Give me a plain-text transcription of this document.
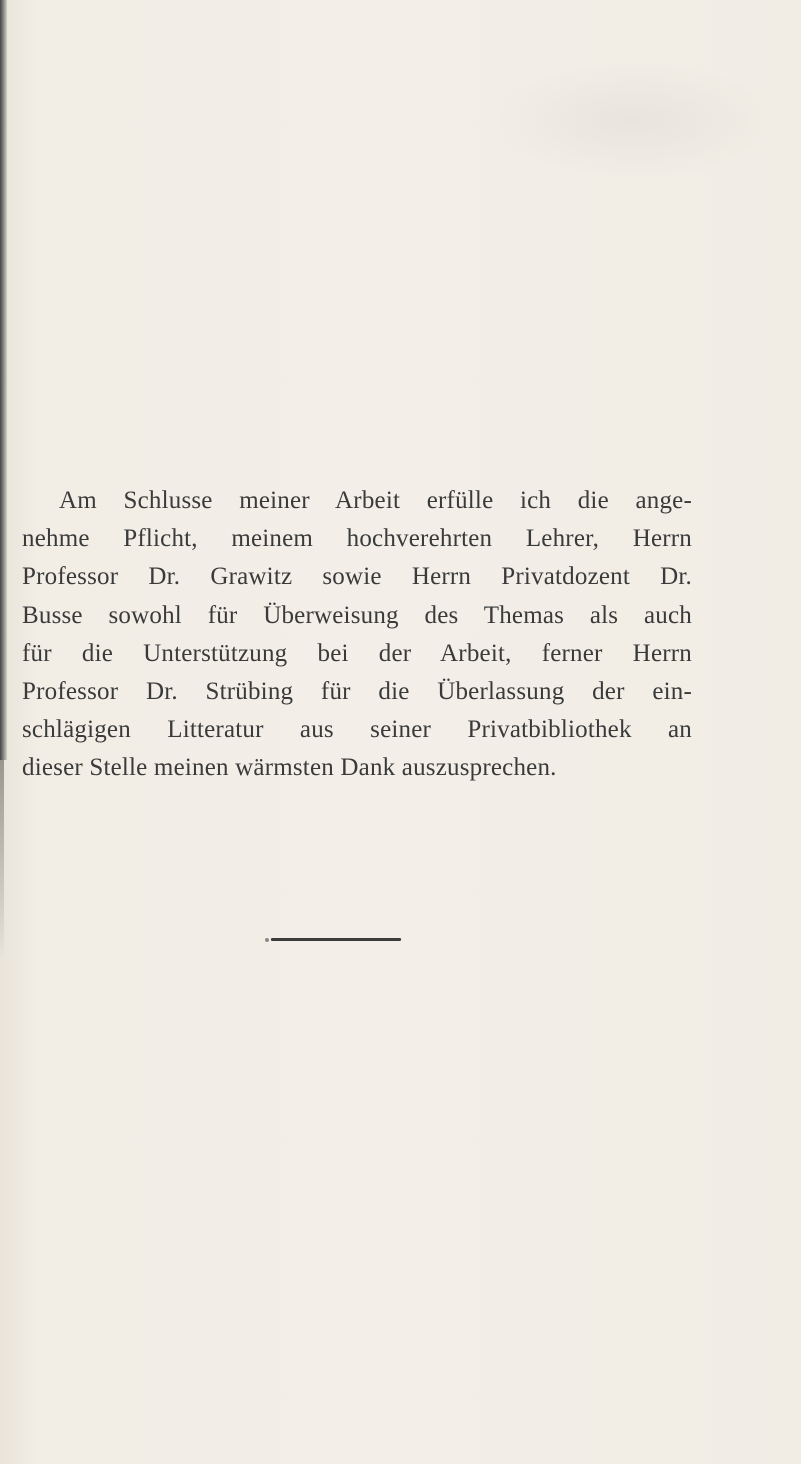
Am Schlusse meiner Arbeit erfülle ich die ange-
nehme Pflicht, meinem hochverehrten Lehrer, Herrn
Professor Dr. Grawitz sowie Herrn Privatdozent Dr.
Busse sowohl für Überweisung des Themas als auch
für die Unterstützung bei der Arbeit, ferner Herrn
Professor Dr. Strübing für die Überlassung der ein-
schlägigen Litteratur aus seiner Privatbibliothek an
dieser Stelle meinen wärmsten Dank auszusprechen.
